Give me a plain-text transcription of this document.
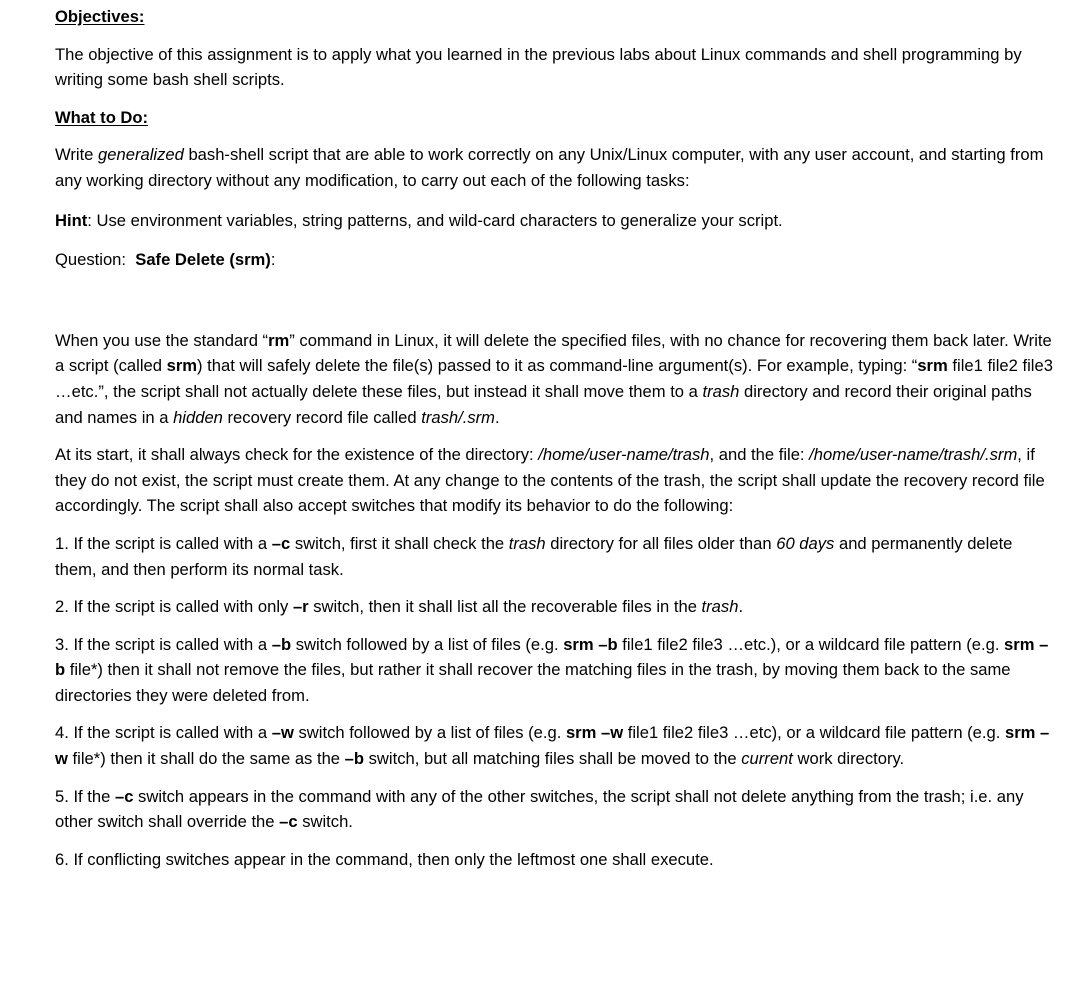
Objectives:

The objective of this assignment is to apply what you learned in the previous labs about Linux commands and shell programming by writing some bash shell scripts.

What to Do:

Write generalized bash-shell script that are able to work correctly on any Unix/Linux computer, with any user account, and starting from any working directory without any modification, to carry out each of the following tasks:

Hint: Use environment variables, string patterns, and wild-card characters to generalize your script.

Question:  Safe Delete (srm):

When you use the standard “rm” command in Linux, it will delete the specified files, with no chance for recovering them back later. Write a script (called srm) that will safely delete the file(s) passed to it as command-line argument(s). For example, typing: “srm file1 file2 file3 …etc.”, the script shall not actually delete these files, but instead it shall move them to a trash directory and record their original paths and names in a hidden recovery record file called trash/.srm.

At its start, it shall always check for the existence of the directory: /home/user-name/trash, and the file: /home/user-name/trash/.srm, if they do not exist, the script must create them. At any change to the contents of the trash, the script shall update the recovery record file accordingly. The script shall also accept switches that modify its behavior to do the following:

1. If the script is called with a –c switch, first it shall check the trash directory for all files older than 60 days and permanently delete them, and then perform its normal task.

2. If the script is called with only –r switch, then it shall list all the recoverable files in the trash.

3. If the script is called with a –b switch followed by a list of files (e.g. srm –b file1 file2 file3 …etc.), or a wildcard file pattern (e.g. srm –b file*) then it shall not remove the files, but rather it shall recover the matching files in the trash, by moving them back to the same directories they were deleted from.

4. If the script is called with a –w switch followed by a list of files (e.g. srm –w file1 file2 file3 …etc), or a wildcard file pattern (e.g. srm –w file*) then it shall do the same as the –b switch, but all matching files shall be moved to the current work directory.

5. If the –c switch appears in the command with any of the other switches, the script shall not delete anything from the trash; i.e. any other switch shall override the –c switch.

6. If conflicting switches appear in the command, then only the leftmost one shall execute.
